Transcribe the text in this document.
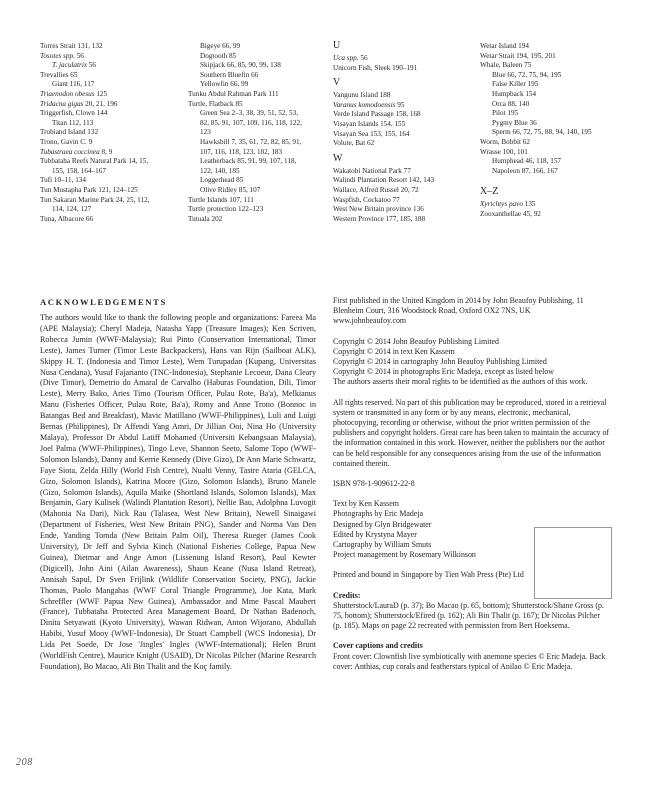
Torres Strait 131, 132
Tosotes spp. 56
T. jaculatrix 56
Trevallies 65
Giant 116, 117
Triaenodon obesus 125
Tridacna gigas 20, 21, 196
Triggerfish, Clown 144
Titan 112, 113
Trobiand Island 132
Trono, Gavin C. 9
Tubastraea coccinea 8, 9
Tubbataha Reefs Natural Park 14, 15,
155, 158, 164–167
Tufi 10–11, 134
Tun Mustapha Park 121, 124–125
Tun Sakaran Marine Park 24, 25, 112,
114, 124, 127
Tuna, Albacore 66
Bigeye 66, 99
Dogtooth 85
Skipjack 66, 85, 90, 99, 138
Southern Bluefin 66
Yellowfin 66, 99
Tunku Abdul Rahman Park 111
Turtle, Flatback 85
Green Sea 2–3, 38, 39, 51, 52, 53,
82, 85, 91, 107, 109, 116, 118, 122,
123
Hawksbill 7, 35, 61, 72, 82, 85, 91,
107, 116, 118, 123, 182, 183
Leatherback 85, 91, 99, 107, 118,
122, 140, 185
Loggerhead 85
Olive Ridley 85, 107
Turtle Islands 107, 111
Turtle protection 122–123
Tutuala 202
U
Uca spp. 56
Unicorn Fish, Sleek 190–191
V
Vangunu Island 188
Varanus komodoensis 95
Verde Island Passage 158, 168
Visayan Islands 154, 155
Visayan Sea 153, 155, 164
Volute, Bat 62
W
Wakatobi National Park 77
Walindi Plantation Resort 142, 143
Wallace, Alfred Russel 20, 72
Waspfish, Cockatoo 77
West New Britain province 136
Western Province 177, 185, 188
Wetar Island 194
Wetar Strait 194, 195, 201
Whale, Baleen 75
Blue 66, 72, 75, 94, 195
False Killer 195
Humpback 154
Orca 88, 140
Pilot 195
Pygmy Blue 36
Sperm 66, 72, 75, 88, 94, 140, 195
Worm, Bobbit 62
Wrasse 100, 101
Humphead 46, 118, 157
Napoleon 87, 166, 167
X–Z
Xyrichtys pavo 135
Zooxanthellae 45, 92
ACKNOWLEDGEMENTS
The authors would like to thank the following people and organizations: Fareea Ma (APE Malaysia); Cheryl Madeja, Natasha Yapp (Treasure Images); Ken Scriven, Robecca Jumin (WWF-Malaysia); Rui Pinto (Conservation International, Timor Leste), James Turner (Timor Leste Backpackers), Hans van Rijn (Sailboat ALK), Skippy H. T. (Indonesia and Timor Leste), Wem Turupadan (Kupang, Universitas Nusa Cendana), Yusuf Fajarianto (TNC-Indonesia), Stephanie Lecoeur, Dana Cleary (Dive Timor), Demetrio do Amaral de Carvalho (Haburas Foundation, Dili, Timor Leste), Merry Bako, Aries Timo (Tourism Officer, Pulau Rote, Ba'a), Melkianus Manu (Fisheries Officer, Pulau Rote, Ba'a), Romy and Anne Trono (Bonnoc in Batangas Bed and Breakfast), Mavic Matillano (WWF-Philippines), Luli and Luigi Bernas (Philippines), Dr Affendi Yang Amri, Dr Jillian Ooi, Nina Ho (University Malaya), Professor Dr Abdul Latiff Mohamed (Universiti Kebangsaan Malaysia), Joel Palma (WWF-Philippines), Tingo Leve, Shannon Seeto, Salome Topo (WWF-Solomon Islands), Danny and Kerrie Kennedy (Dive Gizo), Dr Ann Marie Schwartz, Faye Siota, Zelda Hilly (World Fish Centre), Nualti Venny, Tastre Ataria (GELCA, Gizo, Solomon Islands), Katrina Moore (Gizo, Solomon Islands), Bruno Manele (Gizo, Solomon Islands), Aquila Maike (Shortland Islands, Solomon Islands), Max Benjamin, Gary Kulisek (Walindi Plantation Resort), Nellie Bau, Adolphna Luvogit (Mahonia Na Dari), Nick Rau (Talasea, West New Britain), Newell Sinaigawi (Department of Fisheries, West New Britain PNG), Sander and Norma Van Den Ende, Yanding Tomda (New Britain Palm Oil), Theresa Rueger (James Cook University), Dr Jeff and Sylvia Kinch (National Fisheries College, Papua New Guinea), Dietmar and Ange Amon (Lissenung Island Resort), Paul Kewter (Digicell), John Aini (Ailan Awareness), Shaun Keane (Nusa Island Retreat), Annisah Sapul, Dr Sven Frijlink (Wildlife Conservation Society, PNG), Jackie Thomas, Paolo Mangahas (WWF Coral Triangle Programme), Joe Kata, Mark Schreffler (WWF Papua New Guinea), Ambassador and Mme Pascal Maubert (France), Tubbataha Protected Area Management Board, Dr Nathan Badenoch, Dinita Setyawati (Kyoto University), Wawan Ridwan, Anton Wijorano, Abdullah Habibi, Yusuf Mooy (WWF-Indonesia), Dr Stuart Campbell (WCS Indonesia), Dr Lida Pet Soede, Dr Jose 'Jingles' Ingles (WWF-International); Helen Brunt (WorldFish Centre), Maurice Knight (USAID), Dr Nicolas Pilcher (Marine Research Foundation), Bo Macao, Ali Bin Thalit and the Koç family.

First published in the United Kingdom in 2014 by John Beaufoy Publishing, 11 Blenheim Court, 316 Woodstock Road, Oxford OX2 7NS, UK

www.johnbeaufoy.com

Copyright © 2014 John Beaufoy Publishing Limited

Copyright © 2014 in text Ken Kassem

Copyright © 2014 in cartography John Beaufoy Publishing Limited

Copyright © 2014 in photographs Eric Madeja, except as listed below

The authors asserts their moral rights to be identified as the authors of this work.

All rights reserved. No part of this publication may be reproduced, stored in a retrieval system or transmitted in any form or by any means, electronic, mechanical, photocopying, recording or otherwise, without the prior written permission of the publishers and copyright holders. Great care has been taken to maintain the accuracy of the information contained in this work. However, neither the publishers nor the author can be held responsible for any consequences arising from the use of the information contained therein.

ISBN 978-1-909612-22-8

Text by Ken Kassem

Photographs by Eric Madeja

Designed by Glyn Bridgewater

Edited by Krystyna Mayer

Cartography by William Smuts

Project management by Rosemary Wilkinson

Printed and bound in Singapore by Tien Wah Press (Pte) Ltd

Credits:

Shutterstock/LauraD (p. 37); Bo Macao (p. 65, bottom); Shutterstock/Shane Gross (p. 75, bottom); Shutterstock/Efired (p. 162); Ali Bin Thalit (p. 167); Dr Nicolas Pilcher (p. 185). Maps on page 22 recreated with permission from Bert Hoeksema.

Cover captions and credits

Front cover: Clownfish live symbiotically with anemone species © Eric Madeja. Back cover: Anthias, cup corals and featherstars typical of Anilao © Eric Madeja.

208
